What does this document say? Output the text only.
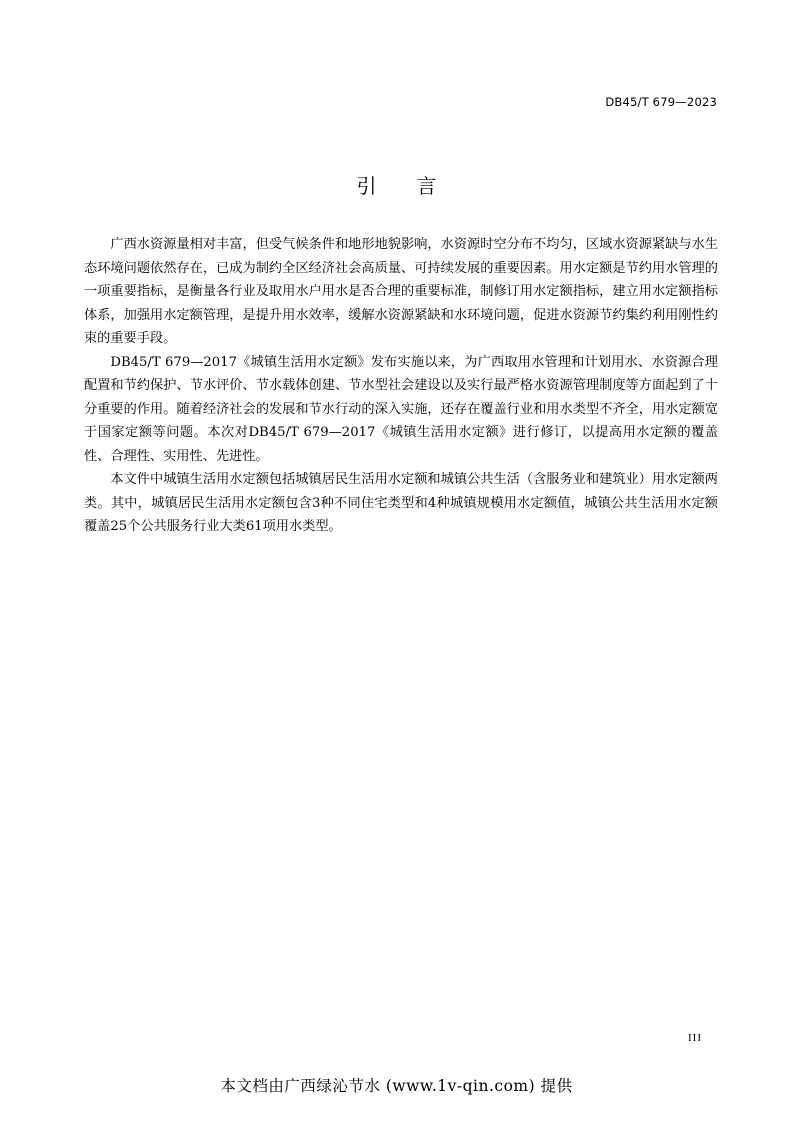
DB45/T 679—2023
引言

广西水资源量相对丰富，但受气候条件和地形地貌影响，水资源时空分布不均匀，区域水资源紧缺与水生态环境问题依然存在，已成为制约全区经济社会高质量、可持续发展的重要因素。用水定额是节约用水管理的一项重要指标，是衡量各行业及取用水户用水是否合理的重要标准，制修订用水定额指标，建立用水定额指标体系，加强用水定额管理，是提升用水效率，缓解水资源紧缺和水环境问题，促进水资源节约集约利用刚性约束的重要手段。

DB45/T 679—2017《城镇生活用水定额》发布实施以来，为广西取用水管理和计划用水、水资源合理配置和节约保护、节水评价、节水载体创建、节水型社会建设以及实行最严格水资源管理制度等方面起到了十分重要的作用。随着经济社会的发展和节水行动的深入实施，还存在覆盖行业和用水类型不齐全，用水定额宽于国家定额等问题。本次对DB45/T 679—2017《城镇生活用水定额》进行修订，以提高用水定额的覆盖性、合理性、实用性、先进性。

本文件中城镇生活用水定额包括城镇居民生活用水定额和城镇公共生活（含服务业和建筑业）用水定额两类。其中，城镇居民生活用水定额包含3种不同住宅类型和4种城镇规模用水定额值，城镇公共生活用水定额覆盖25个公共服务行业大类61项用水类型。

III
本文档由广西绿沁节水 (www.1v-qin.com) 提供
